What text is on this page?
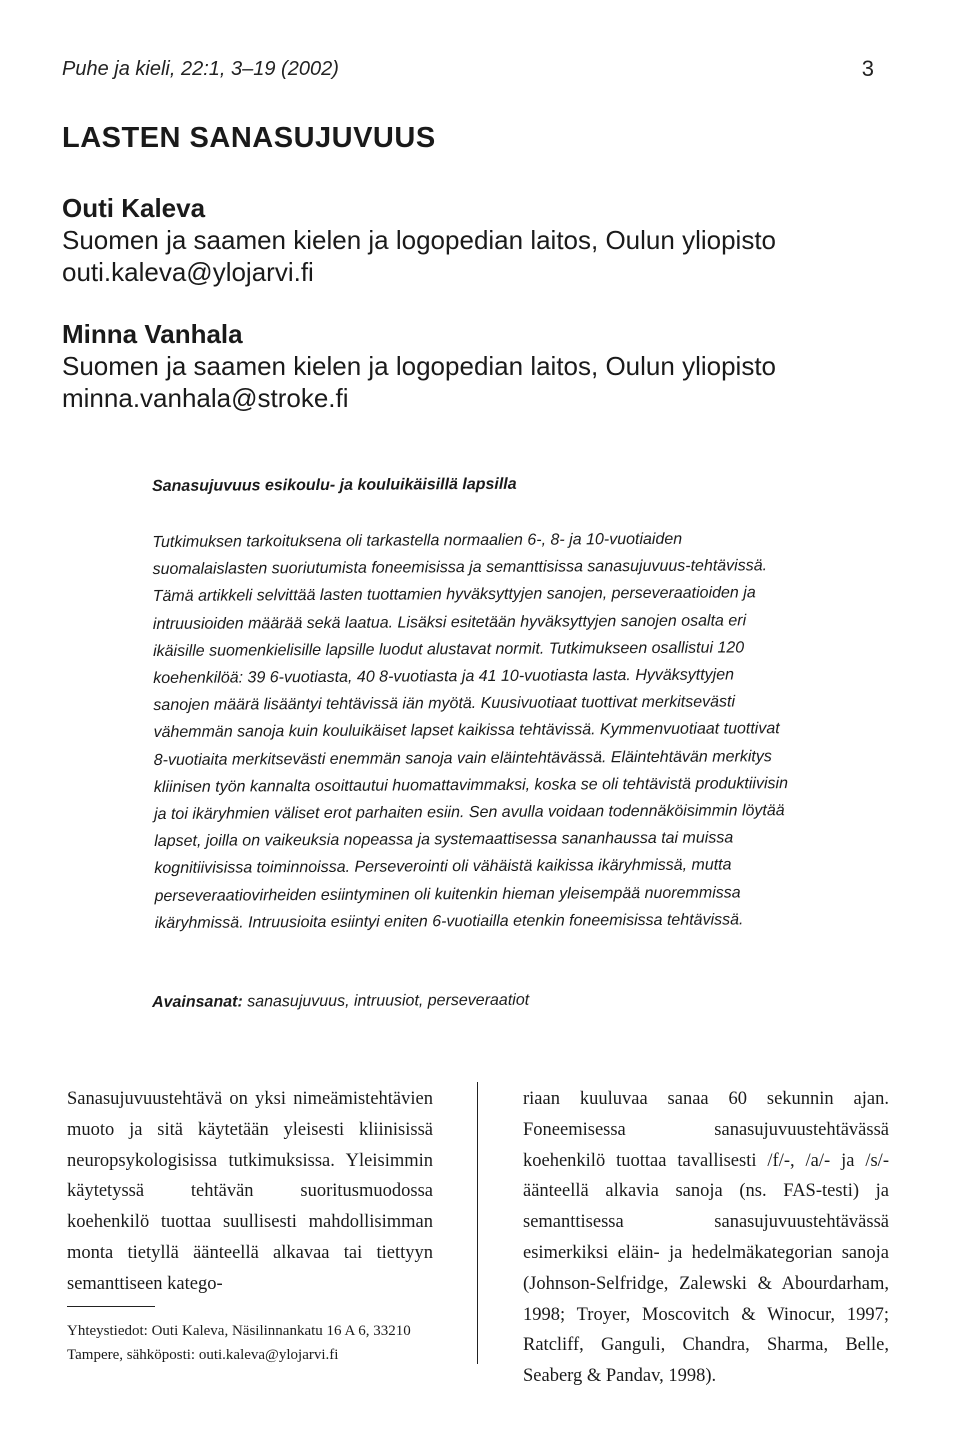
Puhe ja kieli, 22:1, 3–19 (2002)	3
LASTEN SANASUJUVUUS
Outi Kaleva
Suomen ja saamen kielen ja logopedian laitos, Oulun yliopisto
outi.kaleva@ylojarvi.fi
Minna Vanhala
Suomen ja saamen kielen ja logopedian laitos, Oulun yliopisto
minna.vanhala@stroke.fi
Sanasujuvuus esikoulu- ja kouluikäisillä lapsilla
Tutkimuksen tarkoituksena oli tarkastella normaalien 6-, 8- ja 10-vuotiaiden suomalaislasten suoriutumista foneemisissa ja semanttisissa sanasujuvuus-tehtävissä. Tämä artikkeli selvittää lasten tuottamien hyväksyttyjen sanojen, perseveraatioiden ja intruusioiden määrää sekä laatua. Lisäksi esitetään hyväksyttyjen sanojen osalta eri ikäisille suomenkielisille lapsille luodut alustavat normit. Tutkimukseen osallistui 120 koehenkilöä: 39 6-vuotiasta, 40 8-vuotiasta ja 41 10-vuotiasta lasta. Hyväksyttyjen sanojen määrä lisääntyi tehtävissä iän myötä. Kuusivuotiaat tuottivat merkitsevästi vähemmän sanoja kuin kouluikäiset lapset kaikissa tehtävissä. Kymmenvuotiaat tuottivat 8-vuotiaita merkitsevästi enemmän sanoja vain eläintehtävässä. Eläintehtävän merkitys kliinisen työn kannalta osoittautui huomattavimmaksi, koska se oli tehtävistä produktiivisin ja toi ikäryhmien väliset erot parhaiten esiin. Sen avulla voidaan todennäköisimmin löytää lapset, joilla on vaikeuksia nopeassa ja systemaattisessa sananhaussa tai muissa kognitiivisissa toiminnoissa. Perseverointi oli vähäistä kaikissa ikäryhmissä, mutta perseveraatiovirheiden esiintyminen oli kuitenkin hieman yleisempää nuoremmissa ikäryhmissä. Intruusioita esiintyi eniten 6-vuotiailla etenkin foneemisissa tehtävissä.
Avainsanat: sanasujuvuus, intruusiot, perseveraatiot
Sanasujuvuustehtävä on yksi nimeämistehtävien muoto ja sitä käytetään yleisesti kliinisissä neuropsykologisissa tutkimuksissa. Yleisimmin käytetyssä tehtävän suoritusmuodossa koehenkilö tuottaa suullisesti mahdollisimman monta tietyllä äänteellä alkavaa tai tiettyyn semanttiseen katego-
riaan kuuluvaa sanaa 60 sekunnin ajan. Foneemisessa sanasujuvuustehtävässä koehenkilö tuottaa tavallisesti /f/-, /a/- ja /s/-äänteellä alkavia sanoja (ns. FAS-testi) ja semanttisessa sanasujuvuustehtävässä esimerkiksi eläin- ja hedelmäkategorian sanoja (Johnson-Selfridge, Zalewski & Abourdarham, 1998; Troyer, Moscovitch & Winocur, 1997; Ratcliff, Ganguli, Chandra, Sharma, Belle, Seaberg & Pandav, 1998).
Yhteystiedot: Outi Kaleva, Näsilinnankatu 16 A 6, 33210 Tampere, sähköposti: outi.kaleva@ylojarvi.fi
